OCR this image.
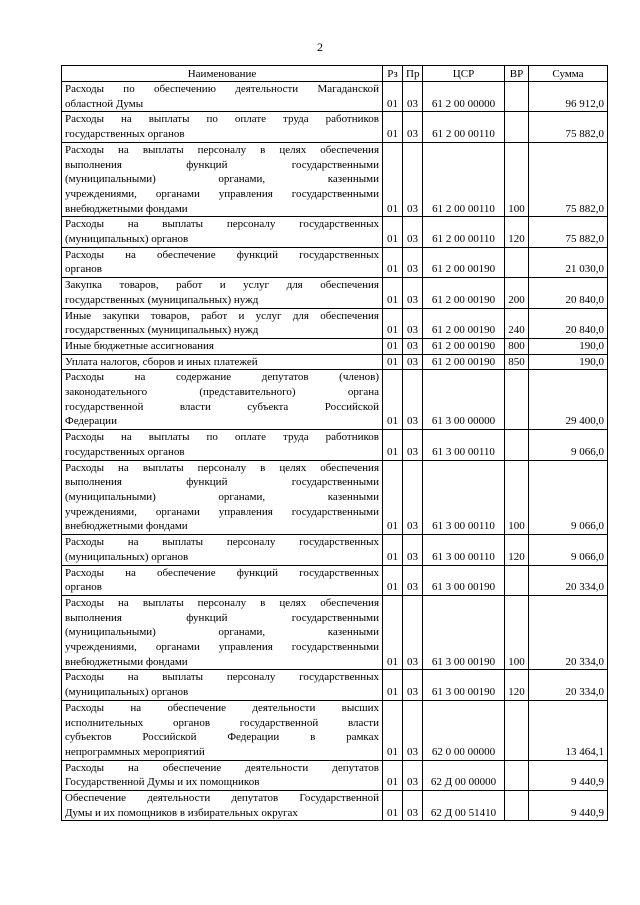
2
Наименование	Рз	Пр	ЦСР	ВР	Сумма

Расходы по обеспечению деятельности Магаданской
областной Думы	01	03	61 2 00 00000		96 912,0

Расходы на выплаты по оплате труда работников
государственных органов	01	03	61 2 00 00110		75 882,0

Расходы на выплаты персоналу в целях обеспечения
выполнения функций государственными
(муниципальными) органами, казенными
учреждениями, органами управления государственными
внебюджетными фондами	01	03	61 2 00 00110	100	75 882,0

Расходы на выплаты персоналу государственных
(муниципальных) органов	01	03	61 2 00 00110	120	75 882,0

Расходы на обеспечение функций государственных
органов	01	03	61 2 00 00190		21 030,0

Закупка товаров, работ и услуг для обеспечения
государственных (муниципальных) нужд	01	03	61 2 00 00190	200	20 840,0

Иные закупки товаров, работ и услуг для обеспечения
государственных (муниципальных) нужд	01	03	61 2 00 00190	240	20 840,0

Иные бюджетные ассигнования	01	03	61 2 00 00190	800	190,0

Уплата налогов, сборов и иных платежей	01	03	61 2 00 00190	850	190,0

Расходы на содержание депутатов (членов)
законодательного (представительного) органа
государственной власти субъекта Российской
Федерации	01	03	61 3 00 00000		29 400,0

Расходы на выплаты по оплате труда работников
государственных органов	01	03	61 3 00 00110		9 066,0

Расходы на выплаты персоналу в целях обеспечения
выполнения функций государственными
(муниципальными) органами, казенными
учреждениями, органами управления государственными
внебюджетными фондами	01	03	61 3 00 00110	100	9 066,0

Расходы на выплаты персоналу государственных
(муниципальных) органов	01	03	61 3 00 00110	120	9 066,0

Расходы на обеспечение функций государственных
органов	01	03	61 3 00 00190		20 334,0

Расходы на выплаты персоналу в целях обеспечения
выполнения функций государственными
(муниципальными) органами, казенными
учреждениями, органами управления государственными
внебюджетными фондами	01	03	61 3 00 00190	100	20 334,0

Расходы на выплаты персоналу государственных
(муниципальных) органов	01	03	61 3 00 00190	120	20 334,0

Расходы на обеспечение деятельности высших
исполнительных органов государственной власти
субъектов Российской Федерации в рамках
непрограммных мероприятий	01	03	62 0 00 00000		13 464,1

Расходы на обеспечение деятельности депутатов
Государственной Думы и их помощников	01	03	62 Д 00 00000		9 440,9

Обеспечение деятельности депутатов Государственной
Думы и их помощников в избирательных округах	01	03	62 Д 00 51410		9 440,9
